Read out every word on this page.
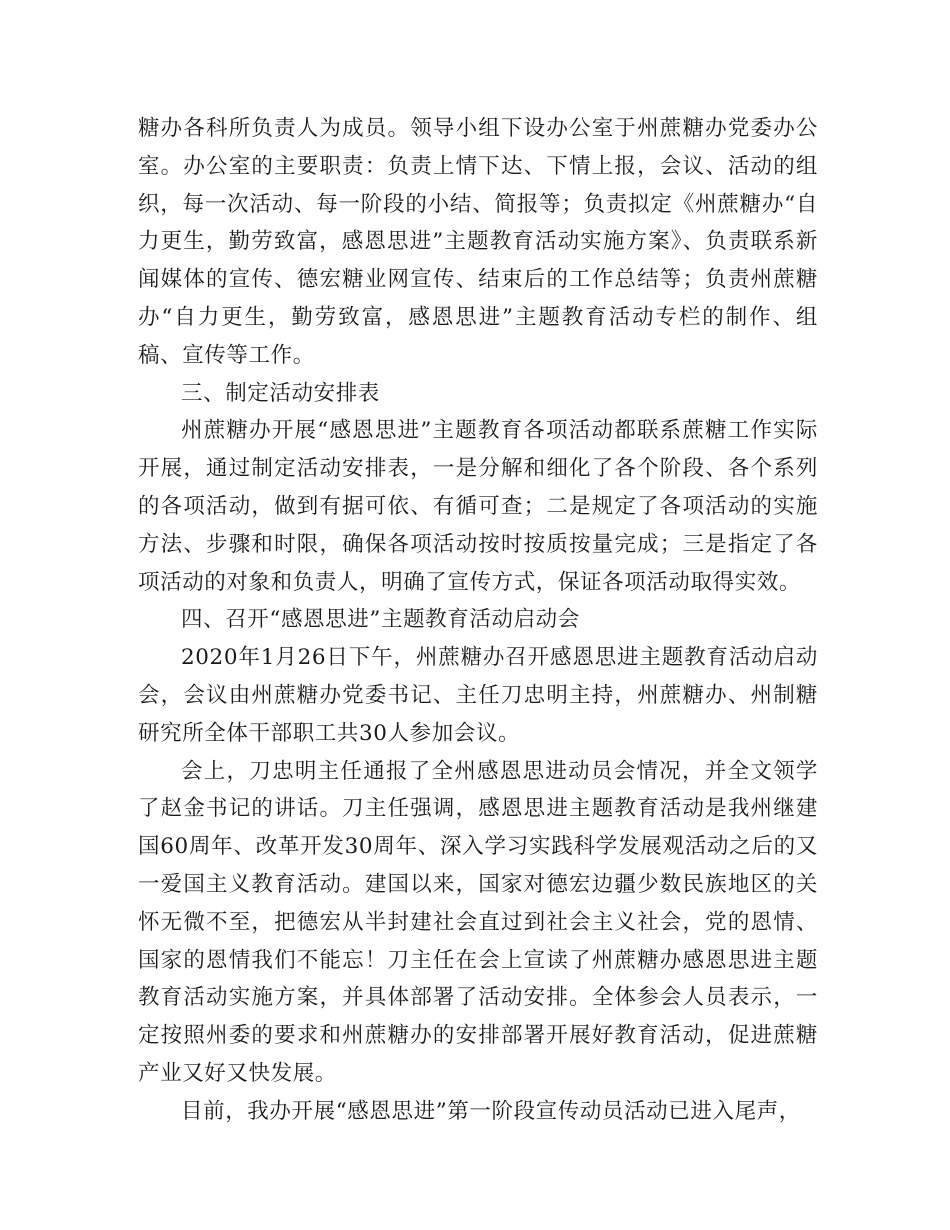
糖办各科所负责人为成员。领导小组下设办公室于州蔗糖办党委办公室。办公室的主要职责：负责上情下达、下情上报，会议、活动的组织，每一次活动、每一阶段的小结、简报等；负责拟定《州蔗糖办“自力更生，勤劳致富，感恩思进”主题教育活动实施方案》、负责联系新闻媒体的宣传、德宏糖业网宣传、结束后的工作总结等；负责州蔗糖办“自力更生，勤劳致富，感恩思进”主题教育活动专栏的制作、组稿、宣传等工作。

三、制定活动安排表

州蔗糖办开展“感恩思进”主题教育各项活动都联系蔗糖工作实际开展，通过制定活动安排表，一是分解和细化了各个阶段、各个系列的各项活动，做到有据可依、有循可查；二是规定了各项活动的实施方法、步骤和时限，确保各项活动按时按质按量完成；三是指定了各项活动的对象和负责人，明确了宣传方式，保证各项活动取得实效。

四、召开“感恩思进”主题教育活动启动会

2020年1月26日下午，州蔗糖办召开感恩思进主题教育活动启动会，会议由州蔗糖办党委书记、主任刀忠明主持，州蔗糖办、州制糖研究所全体干部职工共30人参加会议。

会上，刀忠明主任通报了全州感恩思进动员会情况，并全文领学了赵金书记的讲话。刀主任强调，感恩思进主题教育活动是我州继建国60周年、改革开发30周年、深入学习实践科学发展观活动之后的又一爱国主义教育活动。建国以来，国家对德宏边疆少数民族地区的关怀无微不至，把德宏从半封建社会直过到社会主义社会，党的恩情、国家的恩情我们不能忘！刀主任在会上宣读了州蔗糖办感恩思进主题教育活动实施方案，并具体部署了活动安排。全体参会人员表示，一定按照州委的要求和州蔗糖办的安排部署开展好教育活动，促进蔗糖产业又好又快发展。

目前，我办开展“感恩思进”第一阶段宣传动员活动已进入尾声，
